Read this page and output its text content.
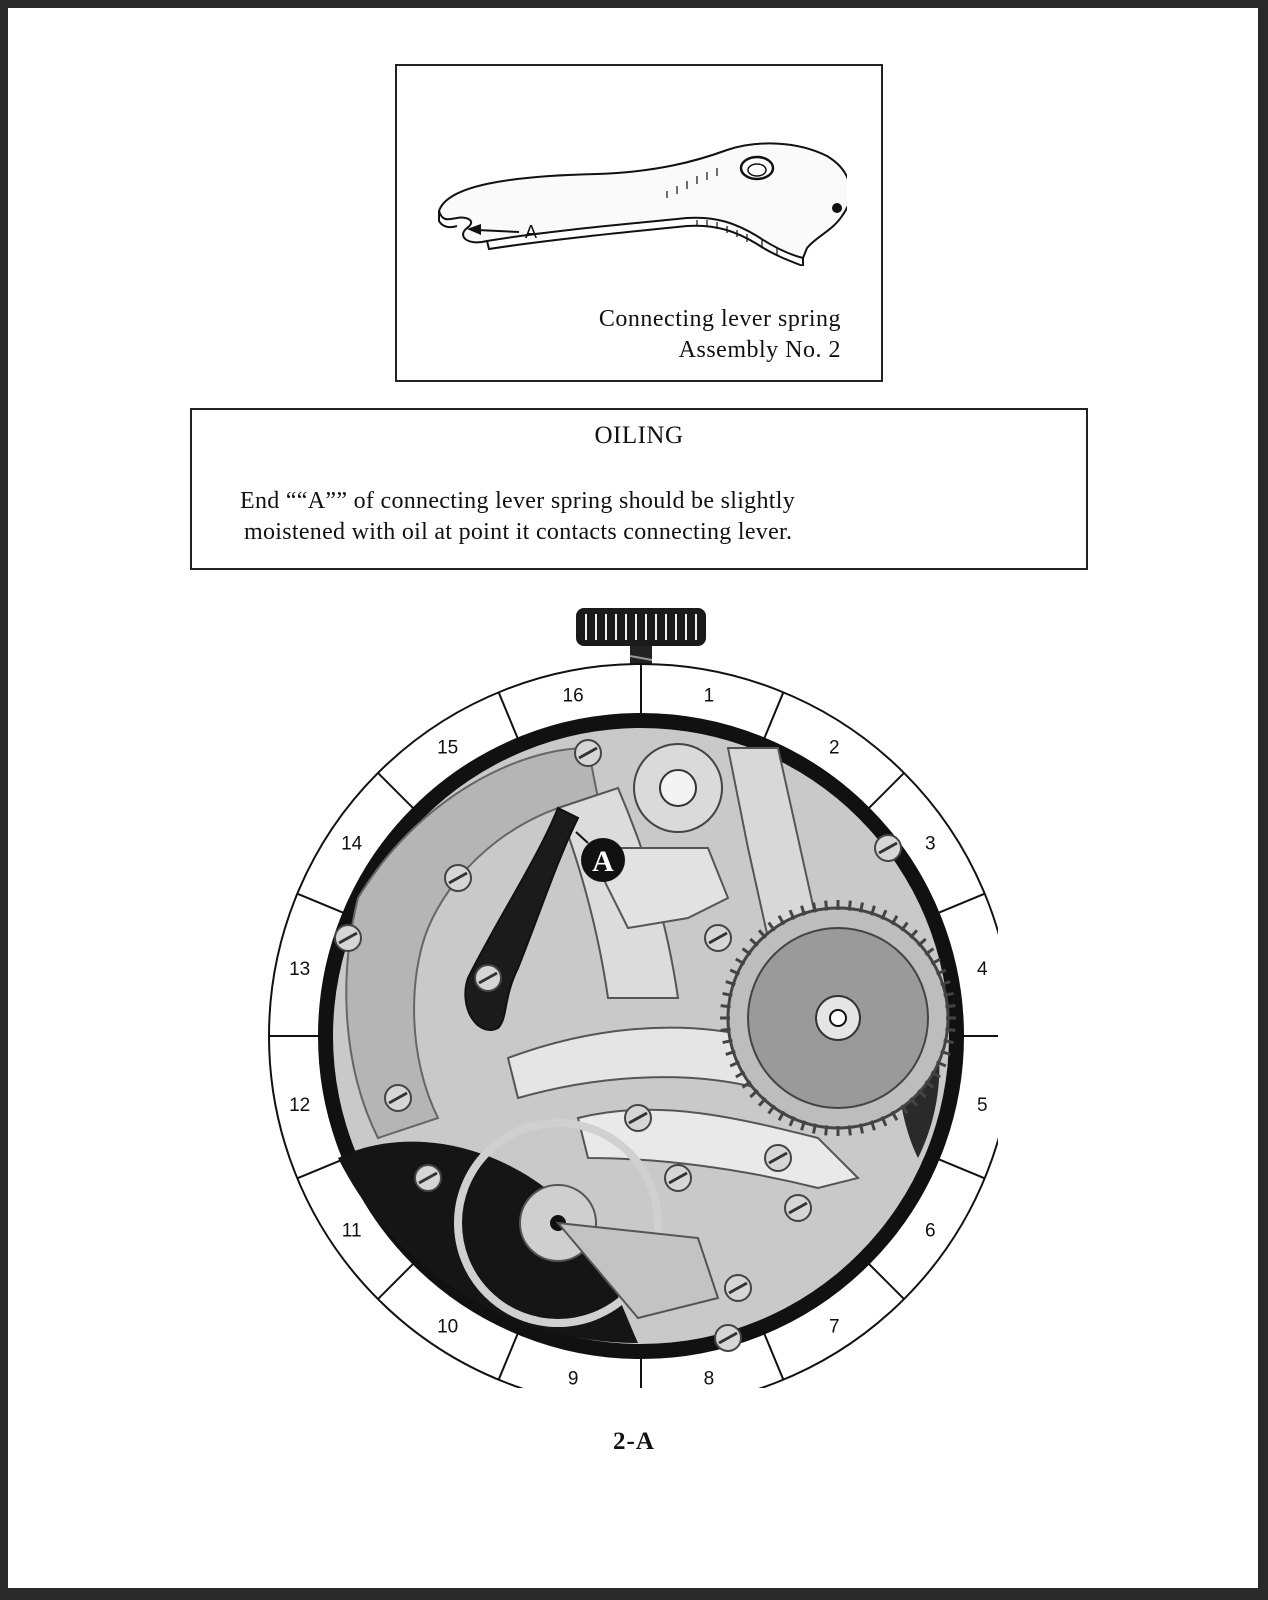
A
Connecting lever spring
Assembly No. 2
OILING
End ““A”” of connecting lever spring should be slightly
moistened with oil at point it contacts connecting lever.
1
2
3
4
5
6
7
8
9
10
11
12
13
14
15
16
A
2-A
